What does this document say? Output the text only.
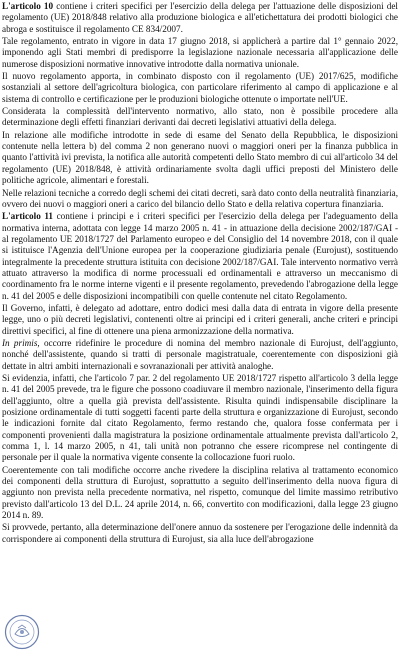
L'articolo 10 contiene i criteri specifici per l'esercizio della delega per l'attuazione delle disposizioni del regolamento (UE) 2018/848 relativo alla produzione biologica e all'etichettatura dei prodotti biologici che abroga e sostituisce il regolamento CE 834/2007.

Tale regolamento, entrato in vigore in data 17 giugno 2018, si applicherà a partire dal 1° gennaio 2022, imponendo agli Stati membri di predisporre la legislazione nazionale necessaria all'applicazione delle numerose disposizioni normative innovative introdotte dalla normativa unionale.

Il nuovo regolamento apporta, in combinato disposto con il regolamento (UE) 2017/625, modifiche sostanziali al settore dell'agricoltura biologica, con particolare riferimento al campo di applicazione e al sistema di controllo e certificazione per le produzioni biologiche ottenute o importate nell'UE.

Considerata la complessità dell'intervento normativo, allo stato, non è possibile procedere alla determinazione degli effetti finanziari derivanti dai decreti legislativi attuativi della delega.

In relazione alle modifiche introdotte in sede di esame del Senato della Repubblica, le disposizioni contenute nella lettera b) del comma 2 non generano nuovi o maggiori oneri per la finanza pubblica in quanto l'attività ivi prevista, la notifica alle autorità competenti dello Stato membro di cui all'articolo 34 del regolamento (UE) 2018/848, è attività ordinariamente svolta dagli uffici preposti del Ministero delle politiche agricole, alimentari e forestali.

Nelle relazioni tecniche a corredo degli schemi dei citati decreti, sarà dato conto della neutralità finanziaria, ovvero dei nuovi o maggiori oneri a carico del bilancio dello Stato e della relativa copertura finanziaria.

L'articolo 11 contiene i principi e i criteri specifici per l'esercizio della delega per l'adeguamento della normativa interna, adottata con legge 14 marzo 2005 n. 41 - in attuazione della decisione 2002/187/GAI - al regolamento UE 2018/1727 del Parlamento europeo e del Consiglio del 14 novembre 2018, con il quale si istituisce l'Agenzia dell'Unione europea per la cooperazione giudiziaria penale (Eurojust), sostituendo integralmente la precedente struttura istituita con decisione 2002/187/GAI. Tale intervento normativo verrà attuato attraverso la modifica di norme processuali ed ordinamentali e attraverso un meccanismo di coordinamento fra le norme interne vigenti e il presente regolamento, prevedendo l'abrogazione della legge n. 41 del 2005 e delle disposizioni incompatibili con quelle contenute nel citato Regolamento.

Il Governo, infatti, è delegato ad adottare, entro dodici mesi dalla data di entrata in vigore della presente legge, uno o più decreti legislativi, contenenti oltre ai principi ed i criteri generali, anche criteri e principi direttivi specifici, al fine di ottenere una piena armonizzazione della normativa.

In primis, occorre ridefinire le procedure di nomina del membro nazionale di Eurojust, dell'aggiunto, nonché dell'assistente, quando si tratti di personale magistratuale, coerentemente con disposizioni già dettate in altri ambiti internazionali e sovranazionali per attività analoghe.

Si evidenzia, infatti, che l'articolo 7 par. 2 del regolamento UE 2018/1727 rispetto all'articolo 3 della legge n. 41 del 2005 prevede, tra le figure che possono coadiuvare il membro nazionale, l'inserimento della figura dell'aggiunto, oltre a quella già prevista dell'assistente. Risulta quindi indispensabile disciplinare la posizione ordinamentale di tutti soggetti facenti parte della struttura e organizzazione di Eurojust, secondo le indicazioni fornite dal citato Regolamento, fermo restando che, qualora fosse confermata per i componenti provenienti dalla magistratura la posizione ordinamentale attualmente prevista dall'articolo 2, comma 1, l. 14 marzo 2005, n 41, tali unità non potranno che essere ricomprese nel contingente di personale per il quale la normativa vigente consente la collocazione fuori ruolo.

Coerentemente con tali modifiche occorre anche rivedere la disciplina relativa al trattamento economico dei componenti della struttura di Eurojust, soprattutto a seguito dell'inserimento della nuova figura di aggiunto non prevista nella precedente normativa, nel rispetto, comunque del limite massimo retributivo previsto dall'articolo 13 del D.L. 24 aprile 2014, n. 66, convertito con modificazioni, dalla legge 23 giugno 2014 n. 89.

Si provvede, pertanto, alla determinazione dell'onere annuo da sostenere per l'erogazione delle indennità da corrispondere ai componenti della struttura di Eurojust, sia alla luce dell'abrogazione
